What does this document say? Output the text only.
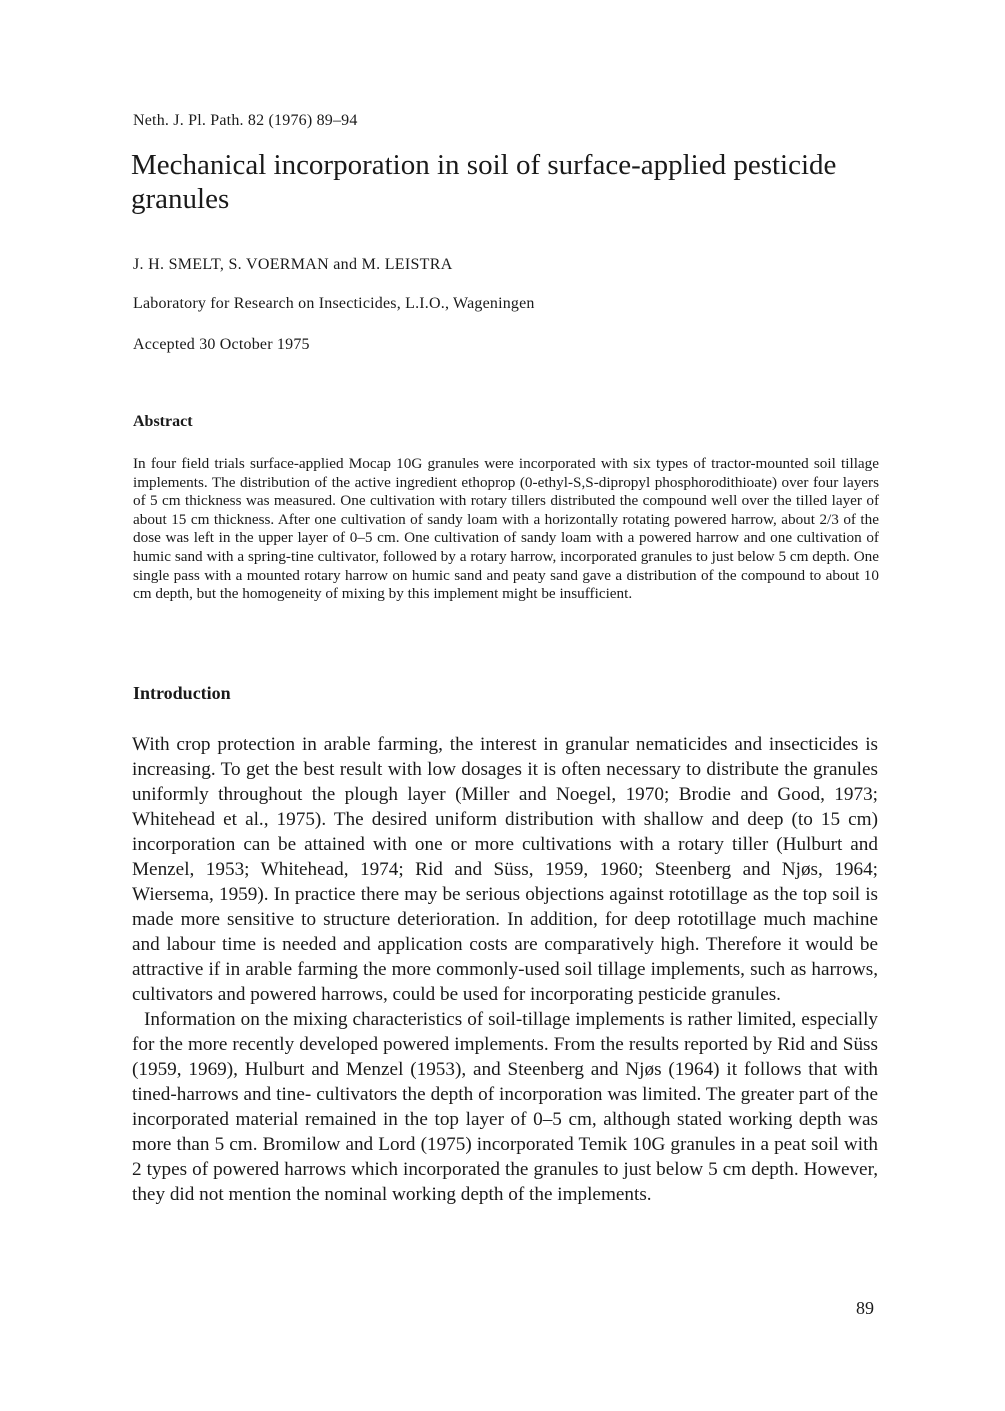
Neth. J. Pl. Path. 82 (1976) 89–94
Mechanical incorporation in soil of surface-applied pesticide granules
J. H. SMELT, S. VOERMAN and M. LEISTRA
Laboratory for Research on Insecticides, L.I.O., Wageningen
Accepted 30 October 1975
Abstract

In four field trials surface-applied Mocap 10G granules were incorporated with six types of tractor-mounted soil tillage implements. The distribution of the active ingredient ethoprop (0-ethyl-S,S-dipropyl phosphorodithioate) over four layers of 5 cm thickness was measured. One cultivation with rotary tillers distributed the compound well over the tilled layer of about 15 cm thickness. After one cultivation of sandy loam with a horizontally rotating powered harrow, about 2/3 of the dose was left in the upper layer of 0–5 cm. One cultivation of sandy loam with a powered harrow and one cultivation of humic sand with a spring-tine cultivator, followed by a rotary harrow, incorporated granules to just below 5 cm depth. One single pass with a mounted rotary harrow on humic sand and peaty sand gave a distribution of the compound to about 10 cm depth, but the homogeneity of mixing by this implement might be insufficient.

Introduction

With crop protection in arable farming, the interest in granular nematicides and insecticides is increasing. To get the best result with low dosages it is often necessary to distribute the granules uniformly throughout the plough layer (Miller and Noegel, 1970; Brodie and Good, 1973; Whitehead et al., 1975). The desired uniform distribution with shallow and deep (to 15 cm) incorporation can be attained with one or more cultivations with a rotary tiller (Hulburt and Menzel, 1953; Whitehead, 1974; Rid and Süss, 1959, 1960; Steenberg and Njøs, 1964; Wiersema, 1959). In practice there may be serious objections against rototillage as the top soil is made more sensitive to structure deterioration. In addition, for deep rototillage much machine and labour time is needed and application costs are comparatively high. Therefore it would be attractive if in arable farming the more commonly-used soil tillage implements, such as harrows, cultivators and powered harrows, could be used for incorporating pesticide granules.

Information on the mixing characteristics of soil-tillage implements is rather limited, especially for the more recently developed powered implements. From the results reported by Rid and Süss (1959, 1969), Hulburt and Menzel (1953), and Steenberg and Njøs (1964) it follows that with tined-harrows and tine- cultivators the depth of incorporation was limited. The greater part of the incorporated material remained in the top layer of 0–5 cm, although stated working depth was more than 5 cm. Bromilow and Lord (1975) incorporated Temik 10G granules in a peat soil with 2 types of powered harrows which incorporated the granules to just below 5 cm depth. However, they did not mention the nominal working depth of the implements.

89
